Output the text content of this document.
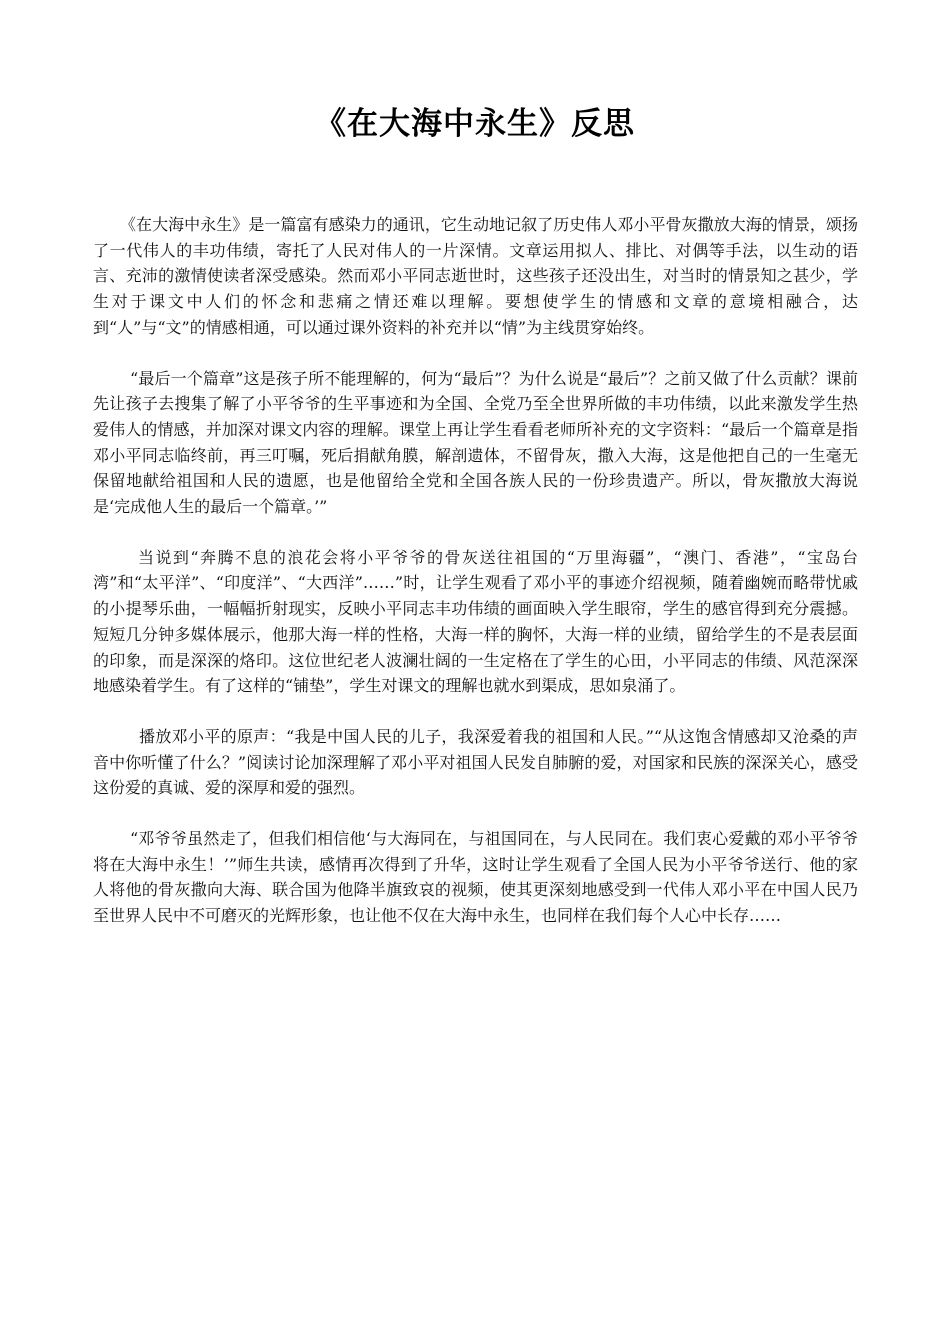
《在大海中永生》反思

《在大海中永生》是一篇富有感染力的通讯，它生动地记叙了历史伟人邓小平骨灰撒放大海的情景，颂扬了一代伟人的丰功伟绩，寄托了人民对伟人的一片深情。文章运用拟人、排比、对偶等手法，以生动的语言、充沛的激情使读者深受感染。然而邓小平同志逝世时，这些孩子还没出生，对当时的情景知之甚少，学生对于课文中人们的怀念和悲痛之情还难以理解。要想使学生的情感和文章的意境相融合，达到“人”与“文”的情感相通，可以通过课外资料的补充并以“情”为主线贯穿始终。

“最后一个篇章”这是孩子所不能理解的，何为“最后”？为什么说是“最后”？之前又做了什么贡献？课前先让孩子去搜集了解了小平爷爷的生平事迹和为全国、全党乃至全世界所做的丰功伟绩，以此来激发学生热爱伟人的情感，并加深对课文内容的理解。课堂上再让学生看看老师所补充的文字资料：“最后一个篇章是指邓小平同志临终前，再三叮嘱，死后捐献角膜，解剖遗体，不留骨灰，撒入大海，这是他把自己的一生毫无保留地献给祖国和人民的遗愿，也是他留给全党和全国各族人民的一份珍贵遗产。所以，骨灰撒放大海说是‘完成他人生的最后一个篇章。’”

当说到“奔腾不息的浪花会将小平爷爷的骨灰送往祖国的“万里海疆”，“澳门、香港”，“宝岛台湾”和“太平洋”、“印度洋”、“大西洋”……”时，让学生观看了邓小平的事迹介绍视频，随着幽婉而略带忧戚的小提琴乐曲，一幅幅折射现实，反映小平同志丰功伟绩的画面映入学生眼帘，学生的感官得到充分震撼。短短几分钟多媒体展示，他那大海一样的性格，大海一样的胸怀，大海一样的业绩，留给学生的不是表层面的印象，而是深深的烙印。这位世纪老人波澜壮阔的一生定格在了学生的心田，小平同志的伟绩、风范深深地感染着学生。有了这样的“铺垫”，学生对课文的理解也就水到渠成，思如泉涌了。

播放邓小平的原声：“我是中国人民的儿子，我深爱着我的祖国和人民。”“从这饱含情感却又沧桑的声音中你听懂了什么？”阅读讨论加深理解了邓小平对祖国人民发自肺腑的爱，对国家和民族的深深关心，感受这份爱的真诚、爱的深厚和爱的强烈。

“邓爷爷虽然走了，但我们相信他‘与大海同在，与祖国同在，与人民同在。我们衷心爱戴的邓小平爷爷将在大海中永生！’”师生共读，感情再次得到了升华，这时让学生观看了全国人民为小平爷爷送行、他的家人将他的骨灰撒向大海、联合国为他降半旗致哀的视频，使其更深刻地感受到一代伟人邓小平在中国人民乃至世界人民中不可磨灭的光辉形象，也让他不仅在大海中永生，也同样在我们每个人心中长存……
